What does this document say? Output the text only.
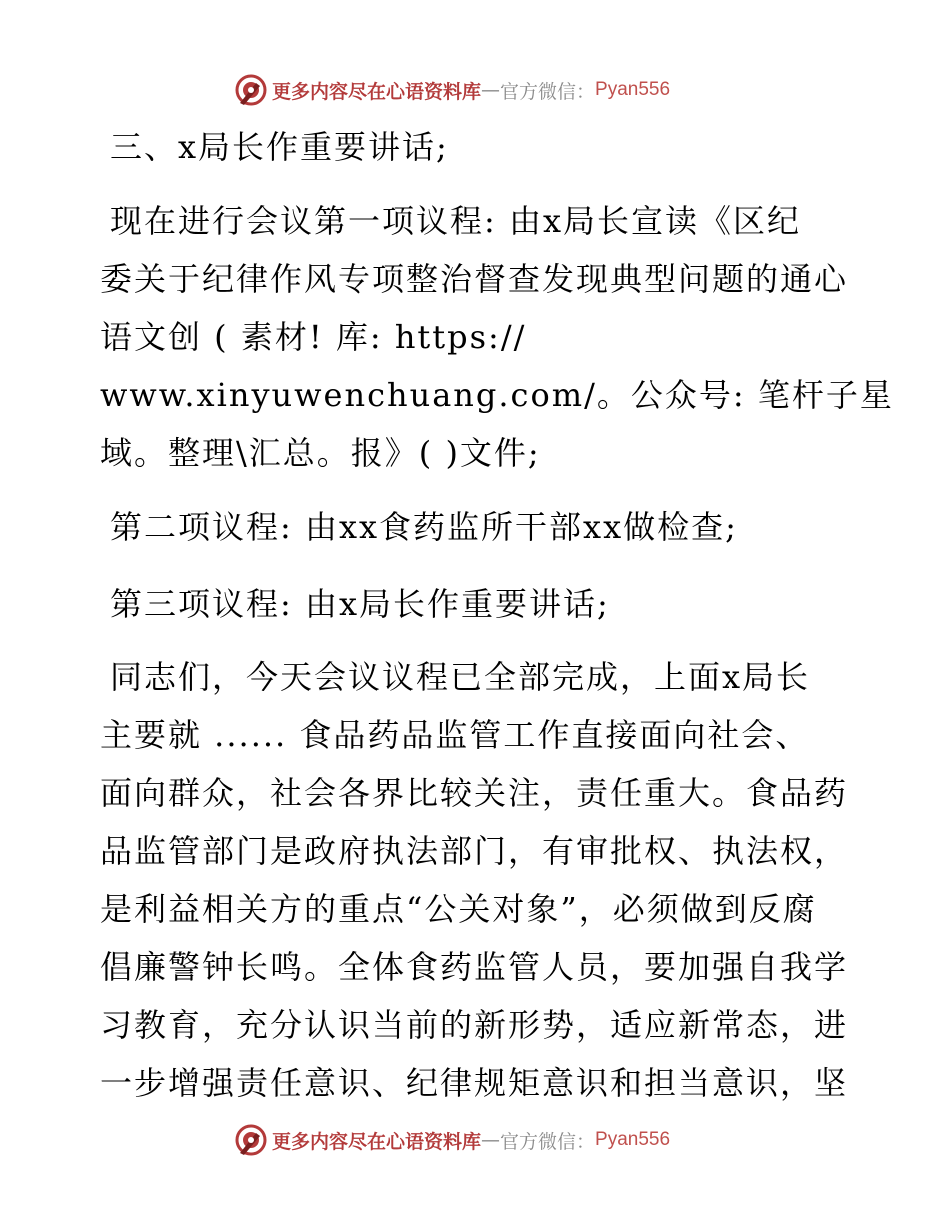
更多内容尽在心语资料库 — 官方微信： Pyan556

三、x局长作重要讲话;

现在进行会议第一项议程: 由x局长宣读《区纪
委关于纪律作风专项整治督查发现典型问题的通心
语文创 ( 素材! 库: https://
www.xinyuwenchuang.com/。公众号: 笔杆子星
域。整理\汇总。报》( )文件;

第二项议程: 由xx食药监所干部xx做检查;

第三项议程: 由x局长作重要讲话;

同志们，今天会议议程已全部完成，上面x局长
主要就 ...... 食品药品监管工作直接面向社会、
面向群众，社会各界比较关注，责任重大。食品药
品监管部门是政府执法部门，有审批权、执法权，
是利益相关方的重点“公关对象”，必须做到反腐
倡廉警钟长鸣。全体食药监管人员，要加强自我学
习教育，充分认识当前的新形势，适应新常态，进
一步增强责任意识、纪律规矩意识和担当意识，坚

更多内容尽在心语资料库 — 官方微信： Pyan556
